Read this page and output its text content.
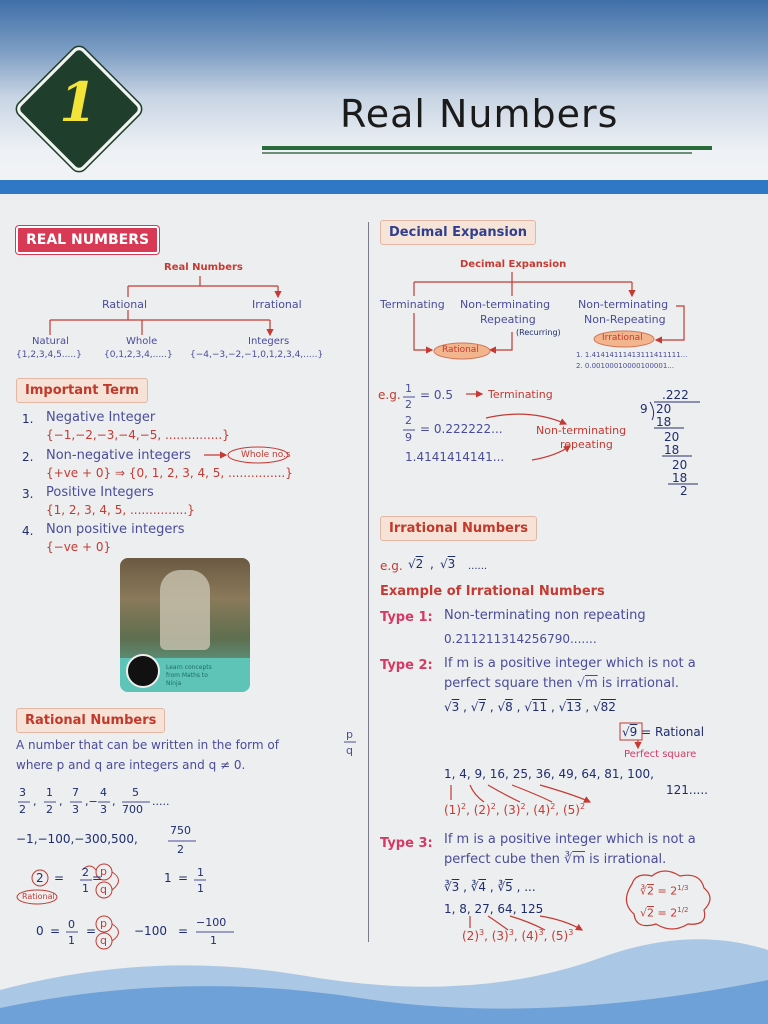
1	Real Numbers
REAL NUMBERS
Real Numbers
Rational	Irrational
Natural	Whole	Integers
{1,2,3,4,5.....} {0,1,2,3,4,.....} {−4,−3,−2,−1,0,1,2,3,4,.....}
Important Term
1. Negative Integer
{−1,−2,−3,−4,−5, ...............}
2. Non-negative integers	Whole no.s
{+ve + 0} ⇒ {0, 1, 2, 3, 4, 5, ...............}
3. Positive Integers
{1, 2, 3, 4, 5, ...............}
4. Non positive integers
{−ve + 0}
Learn concepts
from Maths to
Ninja
Rational Numbers
A number that can be written in the form of
p
q
where p and q are integers and q ≠ 0.
3
2
,
1
2
,
7
3
,−
4
3
,
5
700
.....
−1,−100,−300,500,
750
2
2 = 2
1
=
p
q
Rational
1 = 1
1
0 = 0
1
=
p
q
−100 =
−100
1
Decimal Expansion
Decimal Expansion
Terminating Non-terminating
Repeating
(Recurring)
Non-terminating
Non-Repeating
Rational
Irrational
1. 1.41414111413111411111...
2. 0.00100010000100001...
e.g. 1
2
= 0.5	Terminating
2
9
= 0.222222...	Non-terminating
repeating
1.4141414141...
.222
9 20
18
20
18
20
18
2
Irrational Numbers
e.g. √2 , √3 ......
Example of Irrational Numbers
Type 1: Non-terminating non repeating
0.211211314256790.......
Type 2: If m is a positive integer which is not a
perfect square then √m is irrational.
√3 , √7 , √8 , √11 , √13 , √82
√9 = Rational
Perfect square
1, 4, 9, 16, 25, 36, 49, 64, 81, 100,
121.....
$(1)^2$, $(2)^2$, $(3)^2$, $(4)^2$, $(5)^2$
Type 3: If m is a positive integer which is not a
perfect cube then $∛\overline{m}$ is irrational.
∛3 , ∛4 , ∛5 , ...
1, 8, 27, 64, 125
$(2)^3$, $(3)^3$, $(4)^3$, $(5)^3$
∛2 = $2^{1/3}$
$√2 = 2^{1/2}$
